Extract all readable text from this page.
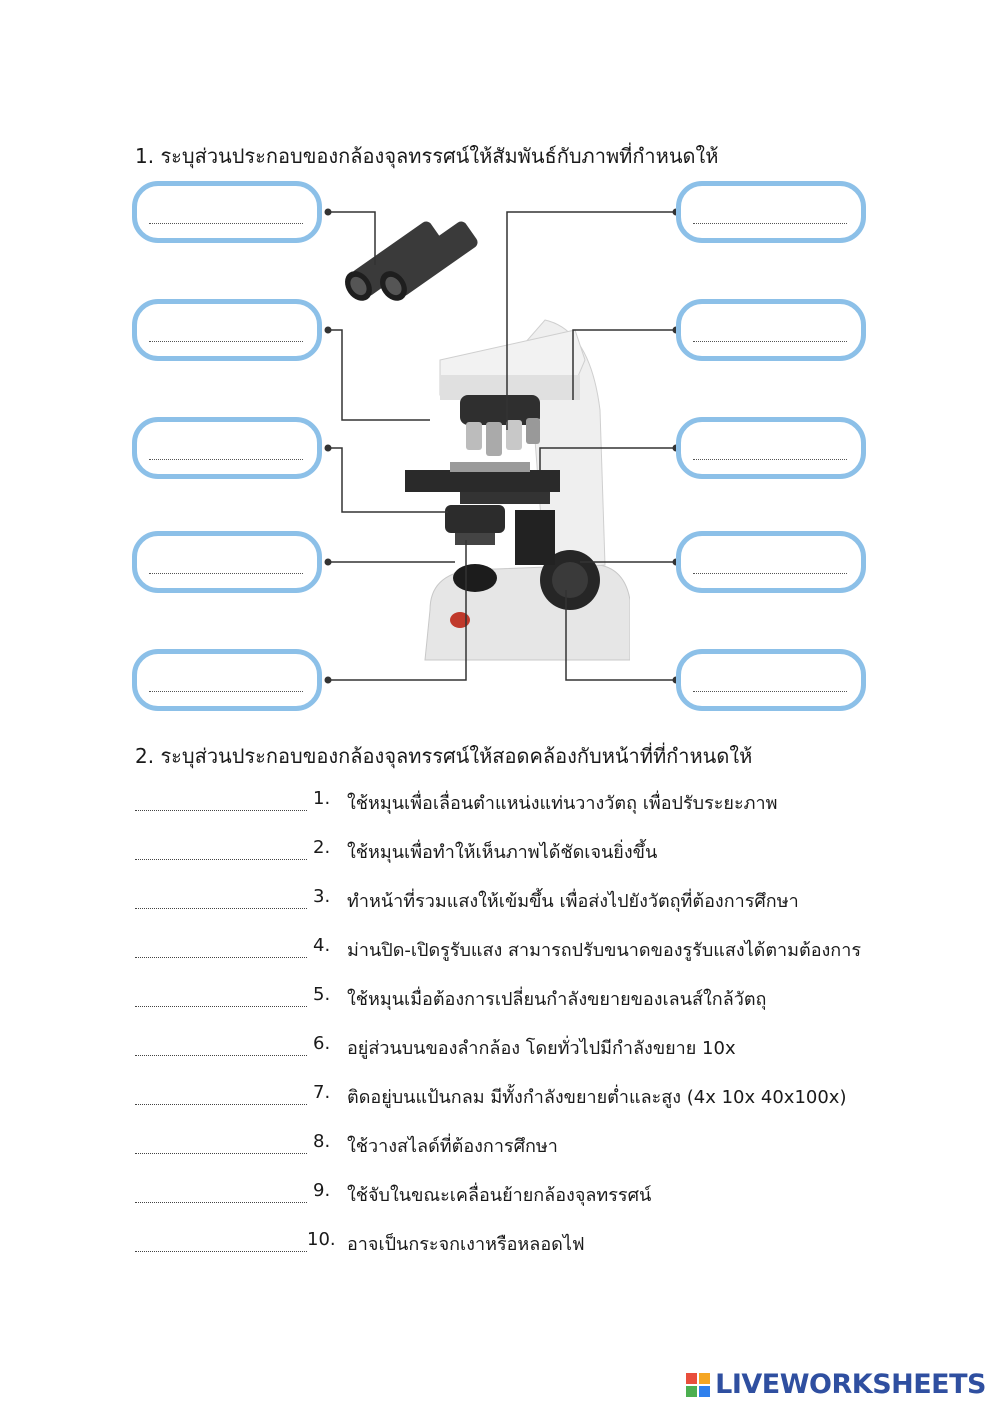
1. ระบุส่วนประกอบของกล้องจุลทรรศน์ให้สัมพันธ์กับภาพที่กำหนดให้
2. ระบุส่วนประกอบของกล้องจุลทรรศน์ให้สอดคล้องกับหน้าที่ที่กำหนดให้
1. ใช้หมุนเพื่อเลื่อนตำแหน่งแท่นวางวัตถุ เพื่อปรับระยะภาพ
2. ใช้หมุนเพื่อทำให้เห็นภาพได้ชัดเจนยิ่งขึ้น
3. ทำหน้าที่รวมแสงให้เข้มขึ้น เพื่อส่งไปยังวัตถุที่ต้องการศึกษา
4. ม่านปิด-เปิดรูรับแสง สามารถปรับขนาดของรูรับแสงได้ตามต้องการ
5. ใช้หมุนเมื่อต้องการเปลี่ยนกำลังขยายของเลนส์ใกล้วัตถุ
6. อยู่ส่วนบนของลำกล้อง โดยทั่วไปมีกำลังขยาย 10x
7. ติดอยู่บนแป้นกลม มีทั้งกำลังขยายต่ำและสูง (4x 10x 40x100x)
8. ใช้วางสไลด์ที่ต้องการศึกษา
9. ใช้จับในขณะเคลื่อนย้ายกล้องจุลทรรศน์
10. อาจเป็นกระจกเงาหรือหลอดไฟ
LIVEWORKSHEETS
